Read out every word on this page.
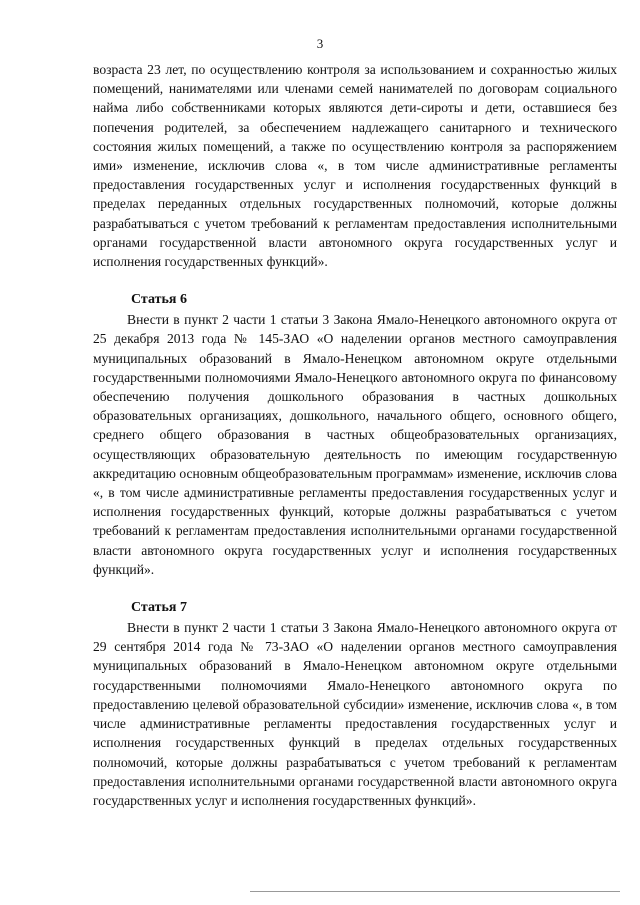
3

возраста 23 лет, по осуществлению контроля за использованием и сохранностью жилых помещений, нанимателями или членами семей нанимателей по договорам социального найма либо собственниками которых являются дети-сироты и дети, оставшиеся без попечения родителей, за обеспечением надлежащего санитарного и технического состояния жилых помещений, а также по осуществлению контроля за распоряжением ими» изменение, исключив слова «, в том числе административные регламенты предоставления государственных услуг и исполнения государственных функций в пределах переданных отдельных государственных полномочий, которые должны разрабатываться с учетом требований к регламентам предоставления исполнительными органами государственной власти автономного округа государственных услуг и исполнения государственных функций».

Статья 6

Внести в пункт 2 части 1 статьи 3 Закона Ямало-Ненецкого автономного округа от 25 декабря 2013 года № 145-ЗАО «О наделении органов местного самоуправления муниципальных образований в Ямало-Ненецком автономном округе отдельными государственными полномочиями Ямало-Ненецкого автономного округа по финансовому обеспечению получения дошкольного образования в частных дошкольных образовательных организациях, дошкольного, начального общего, основного общего, среднего общего образования в частных общеобразовательных организациях, осуществляющих образовательную деятельность по имеющим государственную аккредитацию основным общеобразовательным программам» изменение, исключив слова «, в том числе административные регламенты предоставления государственных услуг и исполнения государственных функций, которые должны разрабатываться с учетом требований к регламентам предоставления исполнительными органами государственной власти автономного округа государственных услуг и исполнения государственных функций».

Статья 7

Внести в пункт 2 части 1 статьи 3 Закона Ямало-Ненецкого автономного округа от 29 сентября 2014 года № 73-ЗАО «О наделении органов местного самоуправления муниципальных образований в Ямало-Ненецком автономном округе отдельными государственными полномочиями Ямало-Ненецкого автономного округа по предоставлению целевой образовательной субсидии» изменение, исключив слова «, в том числе административные регламенты предоставления государственных услуг и исполнения государственных функций в пределах отдельных государственных полномочий, которые должны разрабатываться с учетом требований к регламентам предоставления исполнительными органами государственной власти автономного округа государственных услуг и исполнения государственных функций».
